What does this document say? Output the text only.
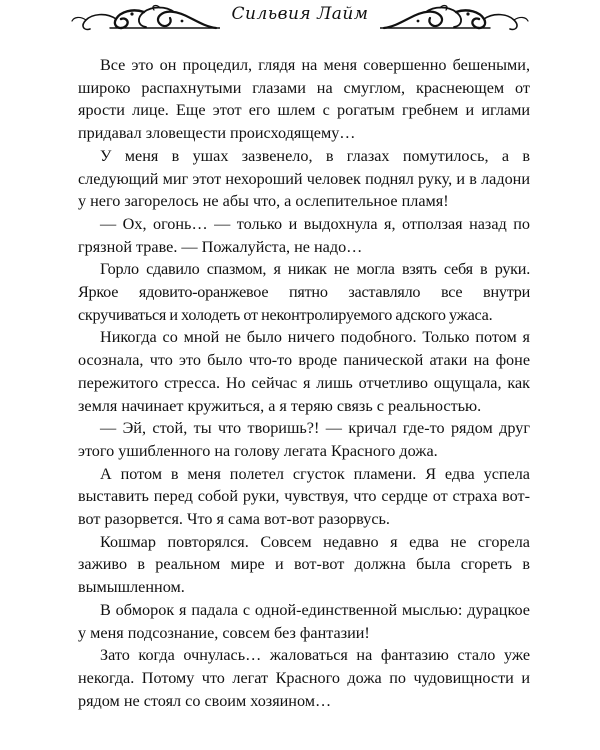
Сильвия Лайм

Все это он процедил, глядя на меня совершенно бешеными, широко распахнутыми глазами на смуглом, краснеющем от ярости лице. Еще этот его шлем с рогатым гребнем и иглами придавал зловещести происходящему…

У меня в ушах зазвенело, в глазах помутилось, а в следующий миг этот нехороший человек поднял руку, и в ладони у него загорелось не абы что, а ослепительное пламя!

— Ох, огонь… — только и выдохнула я, отползая назад по грязной траве. — Пожалуйста, не надо…

Горло сдавило спазмом, я никак не могла взять себя в руки. Яркое ядовито-оранжевое пятно заставляло все внутри скручиваться и холодеть от неконтролируемого адского ужаса.

Никогда со мной не было ничего подобного. Только потом я осознала, что это было что-то вроде панической атаки на фоне пережитого стресса. Но сейчас я лишь отчетливо ощущала, как земля начинает кружиться, а я теряю связь с реальностью.

— Эй, стой, ты что творишь?! — кричал где-то рядом друг этого ушибленного на голову легата Красного дожа.

А потом в меня полетел сгусток пламени. Я едва успела выставить перед собой руки, чувствуя, что сердце от страха вот-вот разорвется. Что я сама вот-вот разорвусь.

Кошмар повторялся. Совсем недавно я едва не сгорела заживо в реальном мире и вот-вот должна была сгореть в вымышленном.

В обморок я падала с одной-единственной мыслью: дурацкое у меня подсознание, совсем без фантазии!

Зато когда очнулась… жаловаться на фантазию стало уже некогда. Потому что легат Красного дожа по чудовищности и рядом не стоял со своим хозяином…
